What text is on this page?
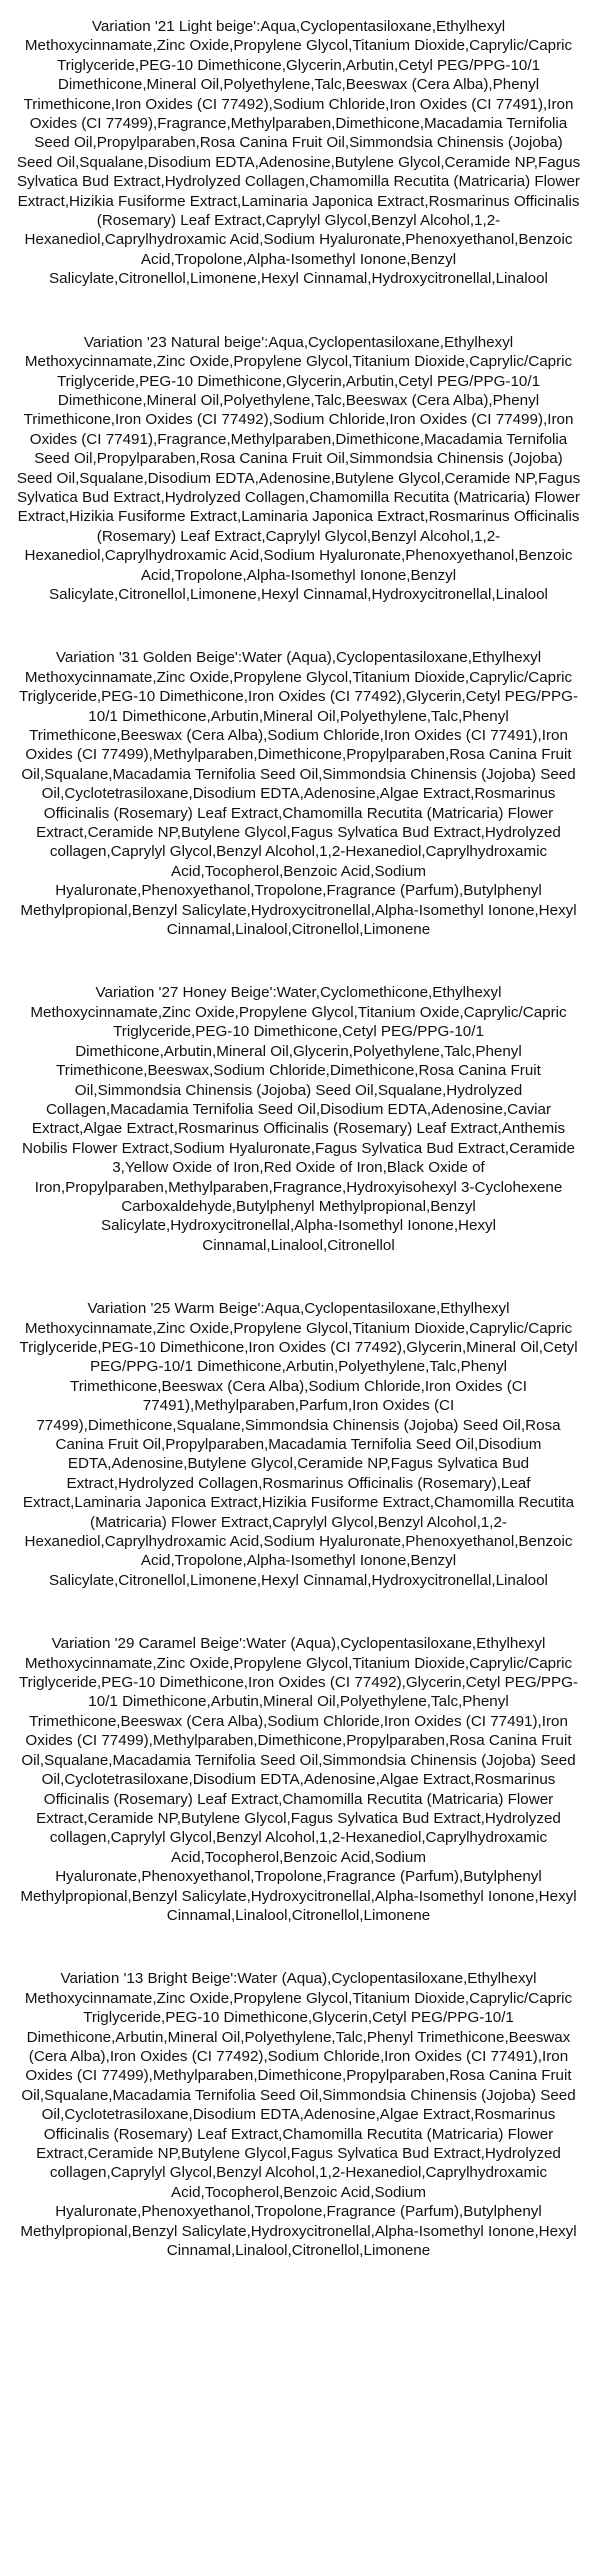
Variation '21 Light beige':Aqua,Cyclopentasiloxane,Ethylhexyl Methoxycinnamate,Zinc Oxide,Propylene Glycol,Titanium Dioxide,Caprylic/Capric Triglyceride,PEG-10 Dimethicone,Glycerin,Arbutin,Cetyl PEG/PPG-10/1 Dimethicone,Mineral Oil,Polyethylene,Talc,Beeswax (Cera Alba),Phenyl Trimethicone,Iron Oxides (CI 77492),Sodium Chloride,Iron Oxides (CI 77491),Iron Oxides (CI 77499),Fragrance,Methylparaben,Dimethicone,Macadamia Ternifolia Seed Oil,Propylparaben,Rosa Canina Fruit Oil,Simmondsia Chinensis (Jojoba) Seed Oil,Squalane,Disodium EDTA,Adenosine,Butylene Glycol,Ceramide NP,Fagus Sylvatica Bud Extract,Hydrolyzed Collagen,Chamomilla Recutita (Matricaria) Flower Extract,Hizikia Fusiforme Extract,Laminaria Japonica Extract,Rosmarinus Officinalis (Rosemary) Leaf Extract,Caprylyl Glycol,Benzyl Alcohol,1,2-Hexanediol,Caprylhydroxamic Acid,Sodium Hyaluronate,Phenoxyethanol,Benzoic Acid,Tropolone,Alpha-Isomethyl Ionone,Benzyl Salicylate,Citronellol,Limonene,Hexyl Cinnamal,Hydroxycitronellal,Linalool

Variation '23 Natural beige':Aqua,Cyclopentasiloxane,Ethylhexyl Methoxycinnamate,Zinc Oxide,Propylene Glycol,Titanium Dioxide,Caprylic/Capric Triglyceride,PEG-10 Dimethicone,Glycerin,Arbutin,Cetyl PEG/PPG-10/1 Dimethicone,Mineral Oil,Polyethylene,Talc,Beeswax (Cera Alba),Phenyl Trimethicone,Iron Oxides (CI 77492),Sodium Chloride,Iron Oxides (CI 77499),Iron Oxides (CI 77491),Fragrance,Methylparaben,Dimethicone,Macadamia Ternifolia Seed Oil,Propylparaben,Rosa Canina Fruit Oil,Simmondsia Chinensis (Jojoba) Seed Oil,Squalane,Disodium EDTA,Adenosine,Butylene Glycol,Ceramide NP,Fagus Sylvatica Bud Extract,Hydrolyzed Collagen,Chamomilla Recutita (Matricaria) Flower Extract,Hizikia Fusiforme Extract,Laminaria Japonica Extract,Rosmarinus Officinalis (Rosemary) Leaf Extract,Caprylyl Glycol,Benzyl Alcohol,1,2-Hexanediol,Caprylhydroxamic Acid,Sodium Hyaluronate,Phenoxyethanol,Benzoic Acid,Tropolone,Alpha-Isomethyl Ionone,Benzyl Salicylate,Citronellol,Limonene,Hexyl Cinnamal,Hydroxycitronellal,Linalool

Variation '31 Golden Beige':Water (Aqua),Cyclopentasiloxane,Ethylhexyl Methoxycinnamate,Zinc Oxide,Propylene Glycol,Titanium Dioxide,Caprylic/Capric Triglyceride,PEG-10 Dimethicone,Iron Oxides (CI 77492),Glycerin,Cetyl PEG/PPG-10/1 Dimethicone,Arbutin,Mineral Oil,Polyethylene,Talc,Phenyl Trimethicone,Beeswax (Cera Alba),Sodium Chloride,Iron Oxides (CI 77491),Iron Oxides (CI 77499),Methylparaben,Dimethicone,Propylparaben,Rosa Canina Fruit Oil,Squalane,Macadamia Ternifolia Seed Oil,Simmondsia Chinensis (Jojoba) Seed Oil,Cyclotetrasiloxane,Disodium EDTA,Adenosine,Algae Extract,Rosmarinus Officinalis (Rosemary) Leaf Extract,Chamomilla Recutita (Matricaria) Flower Extract,Ceramide NP,Butylene Glycol,Fagus Sylvatica Bud Extract,Hydrolyzed collagen,Caprylyl Glycol,Benzyl Alcohol,1,2-Hexanediol,Caprylhydroxamic Acid,Tocopherol,Benzoic Acid,Sodium Hyaluronate,Phenoxyethanol,Tropolone,Fragrance (Parfum),Butylphenyl Methylpropional,Benzyl Salicylate,Hydroxycitronellal,Alpha-Isomethyl Ionone,Hexyl Cinnamal,Linalool,Citronellol,Limonene

Variation '27 Honey Beige':Water,Cyclomethicone,Ethylhexyl Methoxycinnamate,Zinc Oxide,Propylene Glycol,Titanium Oxide,Caprylic/Capric Triglyceride,PEG-10 Dimethicone,Cetyl PEG/PPG-10/1 Dimethicone,Arbutin,Mineral Oil,Glycerin,Polyethylene,Talc,Phenyl Trimethicone,Beeswax,Sodium Chloride,Dimethicone,Rosa Canina Fruit Oil,Simmondsia Chinensis (Jojoba) Seed Oil,Squalane,Hydrolyzed Collagen,Macadamia Ternifolia Seed Oil,Disodium EDTA,Adenosine,Caviar Extract,Algae Extract,Rosmarinus Officinalis (Rosemary) Leaf Extract,Anthemis Nobilis Flower Extract,Sodium Hyaluronate,Fagus Sylvatica Bud Extract,Ceramide 3,Yellow Oxide of Iron,Red Oxide of Iron,Black Oxide of Iron,Propylparaben,Methylparaben,Fragrance,Hydroxyisohexyl 3-Cyclohexene Carboxaldehyde,Butylphenyl Methylpropional,Benzyl Salicylate,Hydroxycitronellal,Alpha-Isomethyl Ionone,Hexyl Cinnamal,Linalool,Citronellol

Variation '25 Warm Beige':Aqua,Cyclopentasiloxane,Ethylhexyl Methoxycinnamate,Zinc Oxide,Propylene Glycol,Titanium Dioxide,Caprylic/Capric Triglyceride,PEG-10 Dimethicone,Iron Oxides (CI 77492),Glycerin,Mineral Oil,Cetyl PEG/PPG-10/1 Dimethicone,Arbutin,Polyethylene,Talc,Phenyl Trimethicone,Beeswax (Cera Alba),Sodium Chloride,Iron Oxides (CI 77491),Methylparaben,Parfum,Iron Oxides (CI 77499),Dimethicone,Squalane,Simmondsia Chinensis (Jojoba) Seed Oil,Rosa Canina Fruit Oil,Propylparaben,Macadamia Ternifolia Seed Oil,Disodium EDTA,Adenosine,Butylene Glycol,Ceramide NP,Fagus Sylvatica Bud Extract,Hydrolyzed Collagen,Rosmarinus Officinalis (Rosemary),Leaf Extract,Laminaria Japonica Extract,Hizikia Fusiforme Extract,Chamomilla Recutita (Matricaria) Flower Extract,Caprylyl Glycol,Benzyl Alcohol,1,2-Hexanediol,Caprylhydroxamic Acid,Sodium Hyaluronate,Phenoxyethanol,Benzoic Acid,Tropolone,Alpha-Isomethyl Ionone,Benzyl Salicylate,Citronellol,Limonene,Hexyl Cinnamal,Hydroxycitronellal,Linalool

Variation '29 Caramel Beige':Water (Aqua),Cyclopentasiloxane,Ethylhexyl Methoxycinnamate,Zinc Oxide,Propylene Glycol,Titanium Dioxide,Caprylic/Capric Triglyceride,PEG-10 Dimethicone,Iron Oxides (CI 77492),Glycerin,Cetyl PEG/PPG-10/1 Dimethicone,Arbutin,Mineral Oil,Polyethylene,Talc,Phenyl Trimethicone,Beeswax (Cera Alba),Sodium Chloride,Iron Oxides (CI 77491),Iron Oxides (CI 77499),Methylparaben,Dimethicone,Propylparaben,Rosa Canina Fruit Oil,Squalane,Macadamia Ternifolia Seed Oil,Simmondsia Chinensis (Jojoba) Seed Oil,Cyclotetrasiloxane,Disodium EDTA,Adenosine,Algae Extract,Rosmarinus Officinalis (Rosemary) Leaf Extract,Chamomilla Recutita (Matricaria) Flower Extract,Ceramide NP,Butylene Glycol,Fagus Sylvatica Bud Extract,Hydrolyzed collagen,Caprylyl Glycol,Benzyl Alcohol,1,2-Hexanediol,Caprylhydroxamic Acid,Tocopherol,Benzoic Acid,Sodium Hyaluronate,Phenoxyethanol,Tropolone,Fragrance (Parfum),Butylphenyl Methylpropional,Benzyl Salicylate,Hydroxycitronellal,Alpha-Isomethyl Ionone,Hexyl Cinnamal,Linalool,Citronellol,Limonene

Variation '13 Bright Beige':Water (Aqua),Cyclopentasiloxane,Ethylhexyl Methoxycinnamate,Zinc Oxide,Propylene Glycol,Titanium Dioxide,Caprylic/Capric Triglyceride,PEG-10 Dimethicone,Glycerin,Cetyl PEG/PPG-10/1 Dimethicone,Arbutin,Mineral Oil,Polyethylene,Talc,Phenyl Trimethicone,Beeswax (Cera Alba),Iron Oxides (CI 77492),Sodium Chloride,Iron Oxides (CI 77491),Iron Oxides (CI 77499),Methylparaben,Dimethicone,Propylparaben,Rosa Canina Fruit Oil,Squalane,Macadamia Ternifolia Seed Oil,Simmondsia Chinensis (Jojoba) Seed Oil,Cyclotetrasiloxane,Disodium EDTA,Adenosine,Algae Extract,Rosmarinus Officinalis (Rosemary) Leaf Extract,Chamomilla Recutita (Matricaria) Flower Extract,Ceramide NP,Butylene Glycol,Fagus Sylvatica Bud Extract,Hydrolyzed collagen,Caprylyl Glycol,Benzyl Alcohol,1,2-Hexanediol,Caprylhydroxamic Acid,Tocopherol,Benzoic Acid,Sodium Hyaluronate,Phenoxyethanol,Tropolone,Fragrance (Parfum),Butylphenyl Methylpropional,Benzyl Salicylate,Hydroxycitronellal,Alpha-Isomethyl Ionone,Hexyl Cinnamal,Linalool,Citronellol,Limonene
